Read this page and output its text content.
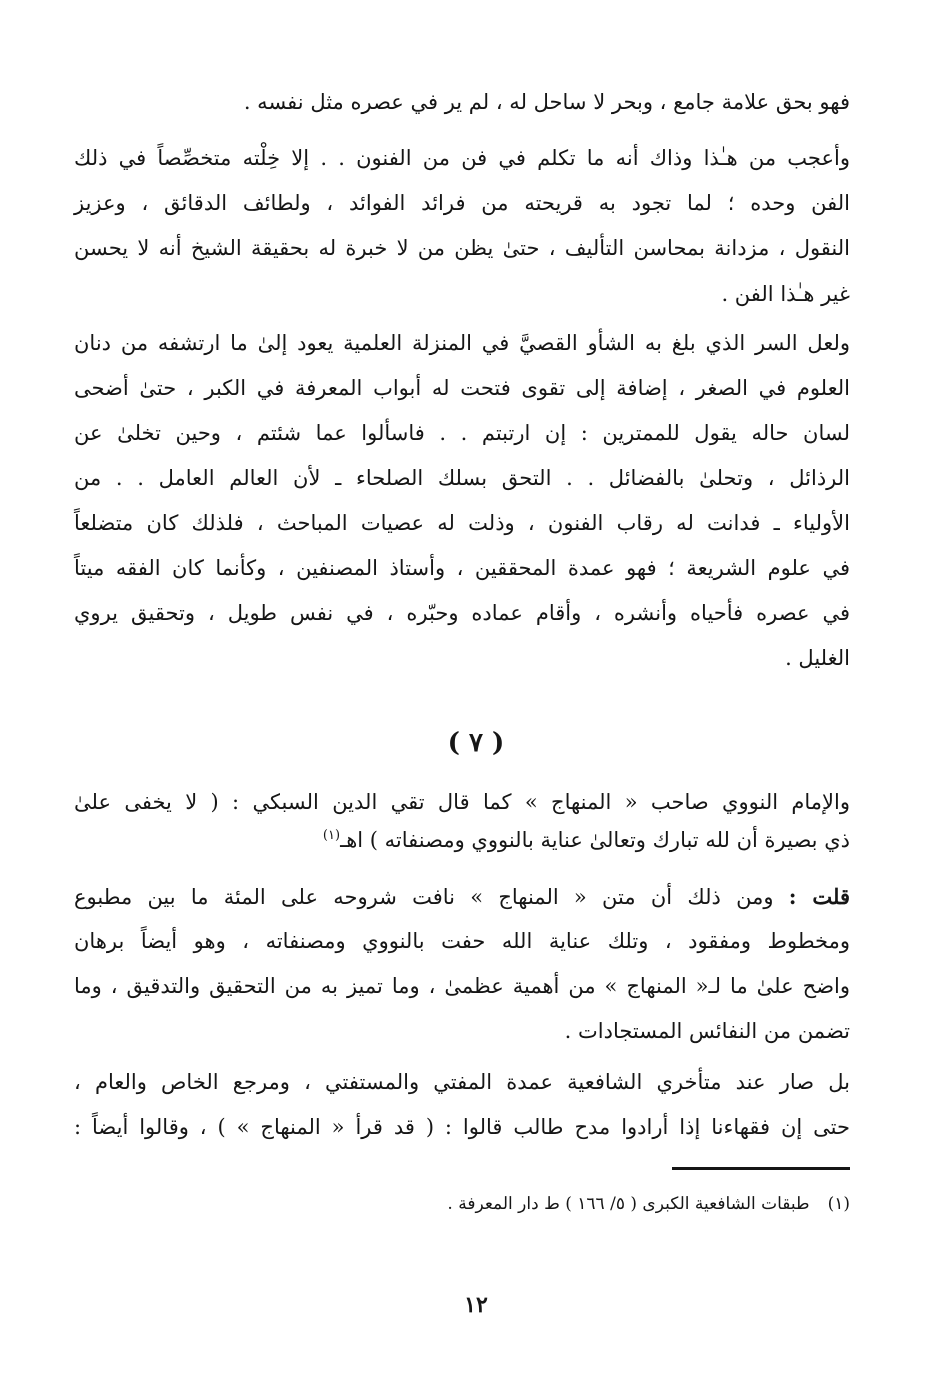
فهو بحق علامة جامع ، وبحر لا ساحل له ، لم ير في عصره مثل نفسه .
وأعجب من هـٰذا وذاك أنه ما تكلم في فن من الفنون . . إلا خِلْته متخصِّصاً في ذلك
الفن وحده ؛ لما تجود به قريحته من فرائد الفوائد ، ولطائف الدقائق ، وعزيز
النقول ، مزدانة بمحاسن التأليف ، حتىٰ يظن من لا خبرة له بحقيقة الشيخ أنه لا يحسن
غير هـٰذا الفن .
ولعل السر الذي بلغ به الشأو القصيَّ في المنزلة العلمية يعود إلىٰ ما ارتشفه من دنان
العلوم في الصغر ، إضافة إلى تقوى فتحت له أبواب المعرفة في الكبر ، حتىٰ أضحى
لسان حاله يقول للممترين : إن ارتبتم . . فاسألوا عما شئتم ، وحين تخلىٰ عن
الرذائل ، وتحلىٰ بالفضائل . . التحق بسلك الصلحاء ـ لأن العالم العامل . . من
الأولياء ـ فدانت له رقاب الفنون ، وذلت له عصيات المباحث ، فلذلك كان متضلعاً
في علوم الشريعة ؛ فهو عمدة المحققين ، وأستاذ المصنفين ، وكأنما كان الفقه ميتاً
في عصره فأحياه وأنشره ، وأقام عماده وحبّره ، في نفس طويل ، وتحقيق يروي
الغليل .
( ٧ )
والإمام النووي صاحب « المنهاج » كما قال تقي الدين السبكي : ( لا يخفى علىٰ
ذي بصيرة أن لله تبارك وتعالىٰ عناية بالنووي ومصنفاته ) اهـ$^{(١)}$
قلت : ومن ذلك أن متن « المنهاج » نافت شروحه على المئة ما بين مطبوع
ومخطوط ومفقود ، وتلك عناية الله حفت بالنووي ومصنفاته ، وهو أيضاً برهان
واضح علىٰ ما لـ« المنهاج » من أهمية عظمىٰ ، وما تميز به من التحقيق والتدقيق ، وما
تضمن من النفائس المستجادات .
بل صار عند متأخري الشافعية عمدة المفتي والمستفتي ، ومرجع الخاص والعام ،
حتى إن فقهاءنا إذا أرادوا مدح طالب قالوا : ( قد قرأ « المنهاج » ) ، وقالوا أيضاً :
(١)طبقات الشافعية الكبرى ( ٥/ ١٦٦ ) ط دار المعرفة .
١٢
